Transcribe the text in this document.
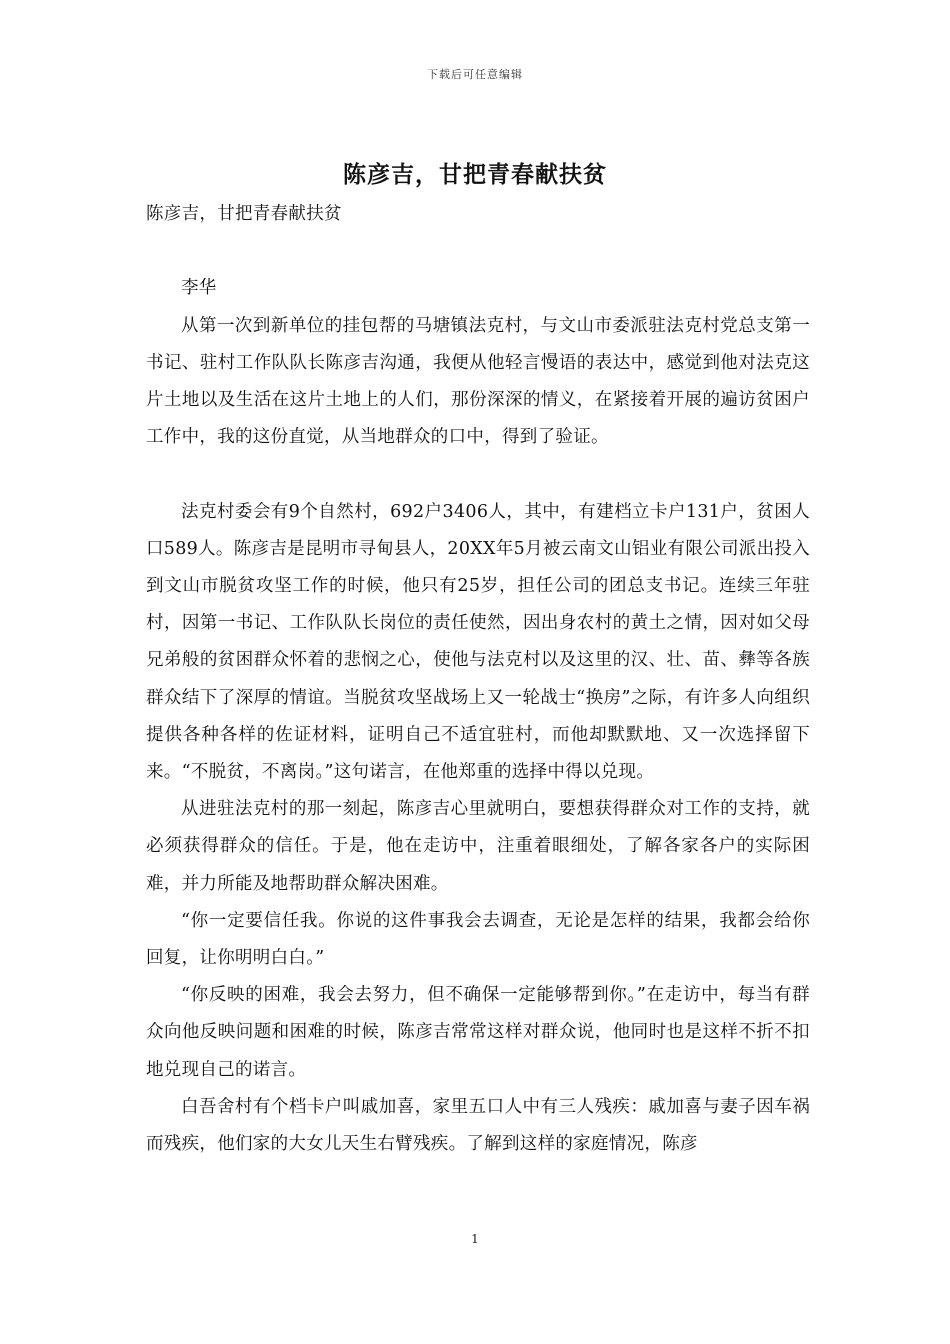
下载后可任意编辑
陈彦吉，甘把青春献扶贫

陈彦吉，甘把青春献扶贫

李华

从第一次到新单位的挂包帮的马塘镇法克村，与文山市委派驻法克村党总支第一书记、驻村工作队队长陈彦吉沟通，我便从他轻言慢语的表达中，感觉到他对法克这片土地以及生活在这片土地上的人们，那份深深的情义，在紧接着开展的遍访贫困户工作中，我的这份直觉，从当地群众的口中，得到了验证。

法克村委会有9个自然村，692户3406人，其中，有建档立卡户131户，贫困人口589人。陈彦吉是昆明市寻甸县人，20XX年5月被云南文山铝业有限公司派出投入到文山市脱贫攻坚工作的时候，他只有25岁，担任公司的团总支书记。连续三年驻村，因第一书记、工作队队长岗位的责任使然，因出身农村的黄土之情，因对如父母兄弟般的贫困群众怀着的悲悯之心，使他与法克村以及这里的汉、壮、苗、彝等各族群众结下了深厚的情谊。当脱贫攻坚战场上又一轮战士“换房”之际，有许多人向组织提供各种各样的佐证材料，证明自己不适宜驻村，而他却默默地、又一次选择留下来。“不脱贫，不离岗。”这句诺言，在他郑重的选择中得以兑现。

从进驻法克村的那一刻起，陈彦吉心里就明白，要想获得群众对工作的支持，就必须获得群众的信任。于是，他在走访中，注重着眼细处，了解各家各户的实际困难，并力所能及地帮助群众解决困难。

“你一定要信任我。你说的这件事我会去调查，无论是怎样的结果，我都会给你回复，让你明明白白。”

“你反映的困难，我会去努力，但不确保一定能够帮到你。”在走访中，每当有群众向他反映问题和困难的时候，陈彦吉常常这样对群众说，他同时也是这样不折不扣地兑现自己的诺言。

白吾舍村有个档卡户叫戚加喜，家里五口人中有三人残疾：戚加喜与妻子因车祸而残疾，他们家的大女儿天生右臂残疾。了解到这样的家庭情况，陈彦

1
